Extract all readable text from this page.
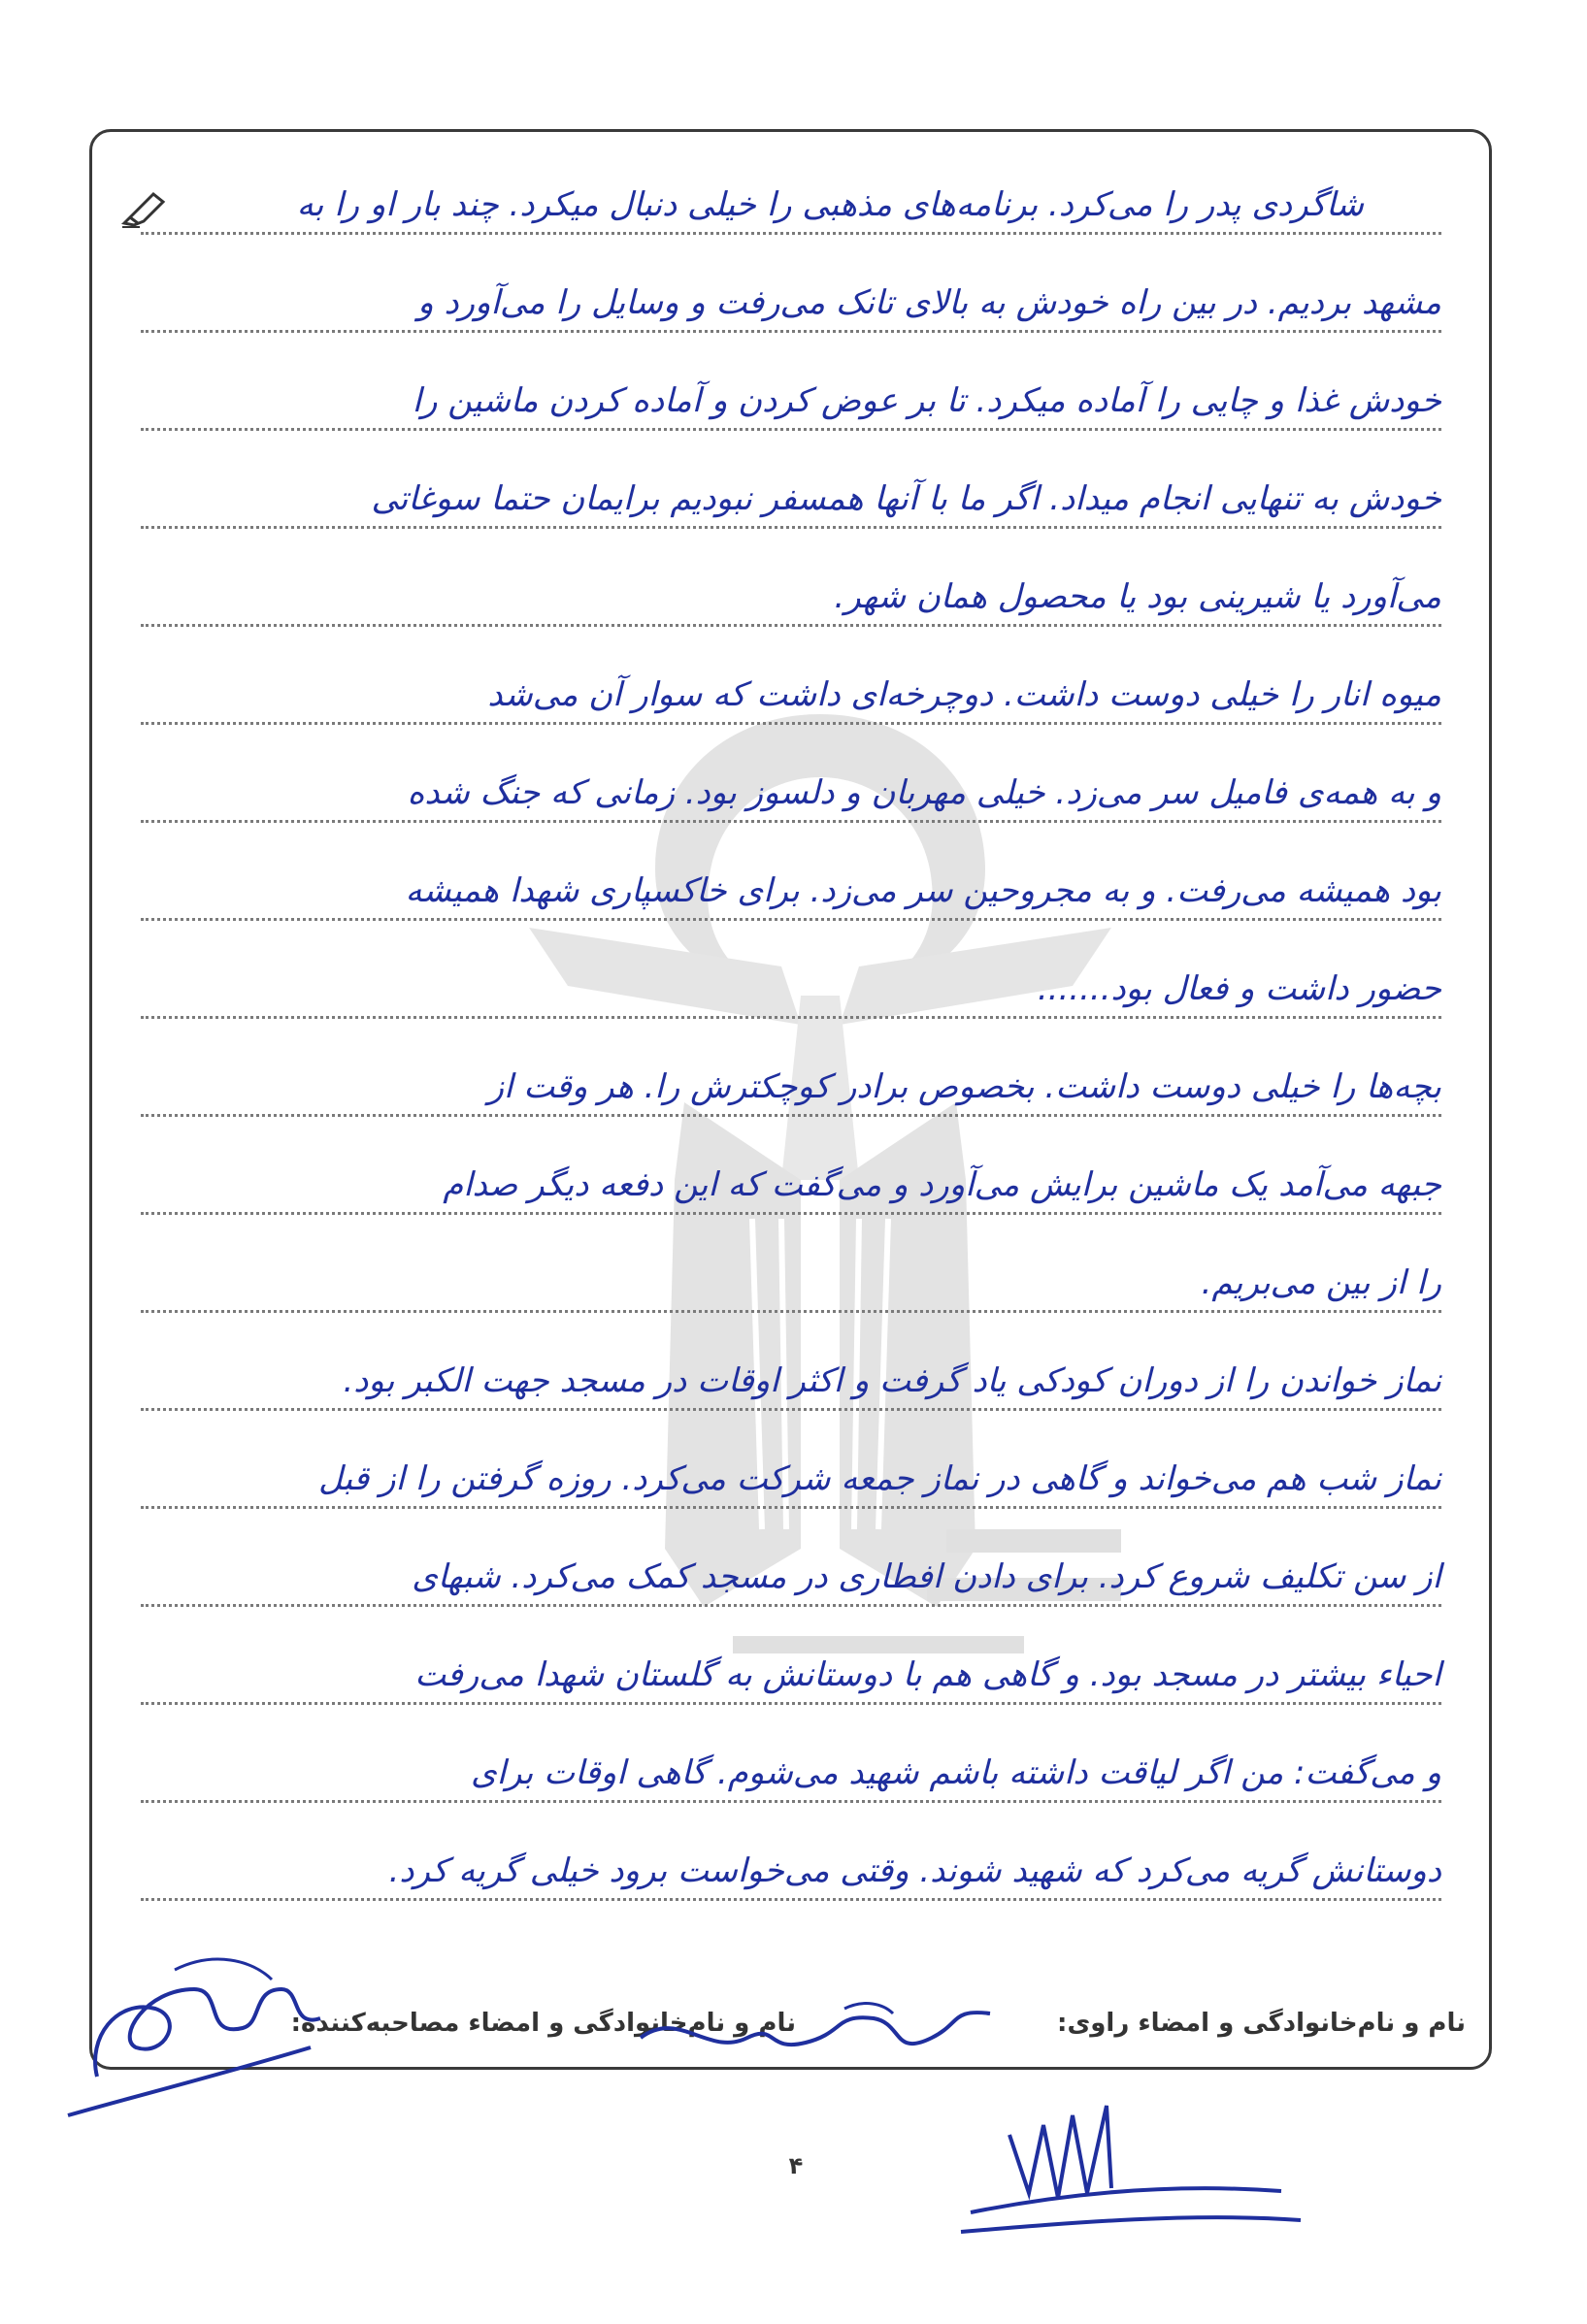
شاگردی پدر را می‌کرد. برنامه‌های مذهبی را خیلی دنبال میکرد. چند بار او را به
مشهد بردیم. در بین راه خودش به بالای تانک می‌رفت و وسایل را می‌آورد و
خودش غذا و چایی را آماده میکرد. تا بر عوض کردن و آماده کردن ماشین را
خودش به تنهایی انجام میداد. اگر ما با آنها همسفر نبودیم برایمان حتما سوغاتی
می‌آورد یا شیرینی بود یا محصول همان شهر.
میوه انار را خیلی دوست داشت. دوچرخه‌ای داشت که سوار آن می‌شد
و به همه‌ی فامیل سر می‌زد. خیلی مهربان و دلسوز بود. زمانی که جنگ شده
بود همیشه می‌رفت. و به مجروحین سر می‌زد. برای خاکسپاری شهدا همیشه
حضور داشت و فعال بود.......
بچه‌ها را خیلی دوست داشت. بخصوص برادر کوچکترش را. هر وقت از
جبهه می‌آمد یک ماشین برایش می‌آورد و می‌گفت که این دفعه دیگر صدام
را از بین می‌بریم.
نماز خواندن را از دوران کودکی یاد گرفت و اکثر اوقات در مسجد جهت الکبر بود.
نماز شب هم می‌خواند و گاهی در نماز جمعه شرکت می‌کرد. روزه گرفتن را از قبل
از سن تکلیف شروع کرد. برای دادن افطاری در مسجد کمک می‌کرد. شبهای
احیاء بیشتر در مسجد بود. و گاهی هم با دوستانش به گلستان شهدا می‌رفت
و می‌گفت: من اگر لیاقت داشته باشم شهید می‌شوم. گاهی اوقات برای
دوستانش گریه می‌کرد که شهید شوند. وقتی می‌خواست برود خیلی گریه کرد.
نام و نام‌خانوادگی و امضاء راوی: نام و نام‌خانوادگی و امضاء مصاحبه‌کننده:
۴
